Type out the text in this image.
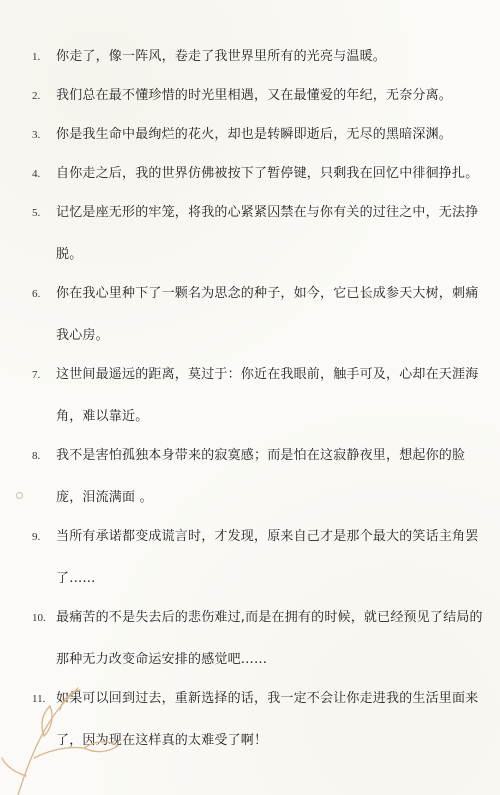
1.	你走了，像一阵风，卷走了我世界里所有的光亮与温暖。
2.	我们总在最不懂珍惜的时光里相遇，又在最懂爱的年纪，无奈分离。
3.	你是我生命中最绚烂的花火，却也是转瞬即逝后，无尽的黑暗深渊。
4.	自你走之后，我的世界仿佛被按下了暂停键，只剩我在回忆中徘徊挣扎。
5.	记忆是座无形的牢笼，将我的心紧紧囚禁在与你有关的过往之中，无法挣
脱。
6.	你在我心里种下了一颗名为思念的种子，如今，它已长成参天大树，刺痛
我心房。
7.	这世间最遥远的距离，莫过于：你近在我眼前，触手可及，心却在天涯海
角，难以靠近。
8.	我不是害怕孤独本身带来的寂寞感；而是怕在这寂静夜里，想起你的脸
庞，泪流满面 。
9.	当所有承诺都变成谎言时，才发现，原来自己才是那个最大的笑话主角罢
了……
10. 最痛苦的不是失去后的悲伤难过,而是在拥有的时候，就已经预见了结局的
那种无力改变命运安排的感觉吧……
11. 如果可以回到过去，重新选择的话，我一定不会让你走进我的生活里面来
了，因为现在这样真的太难受了啊！
